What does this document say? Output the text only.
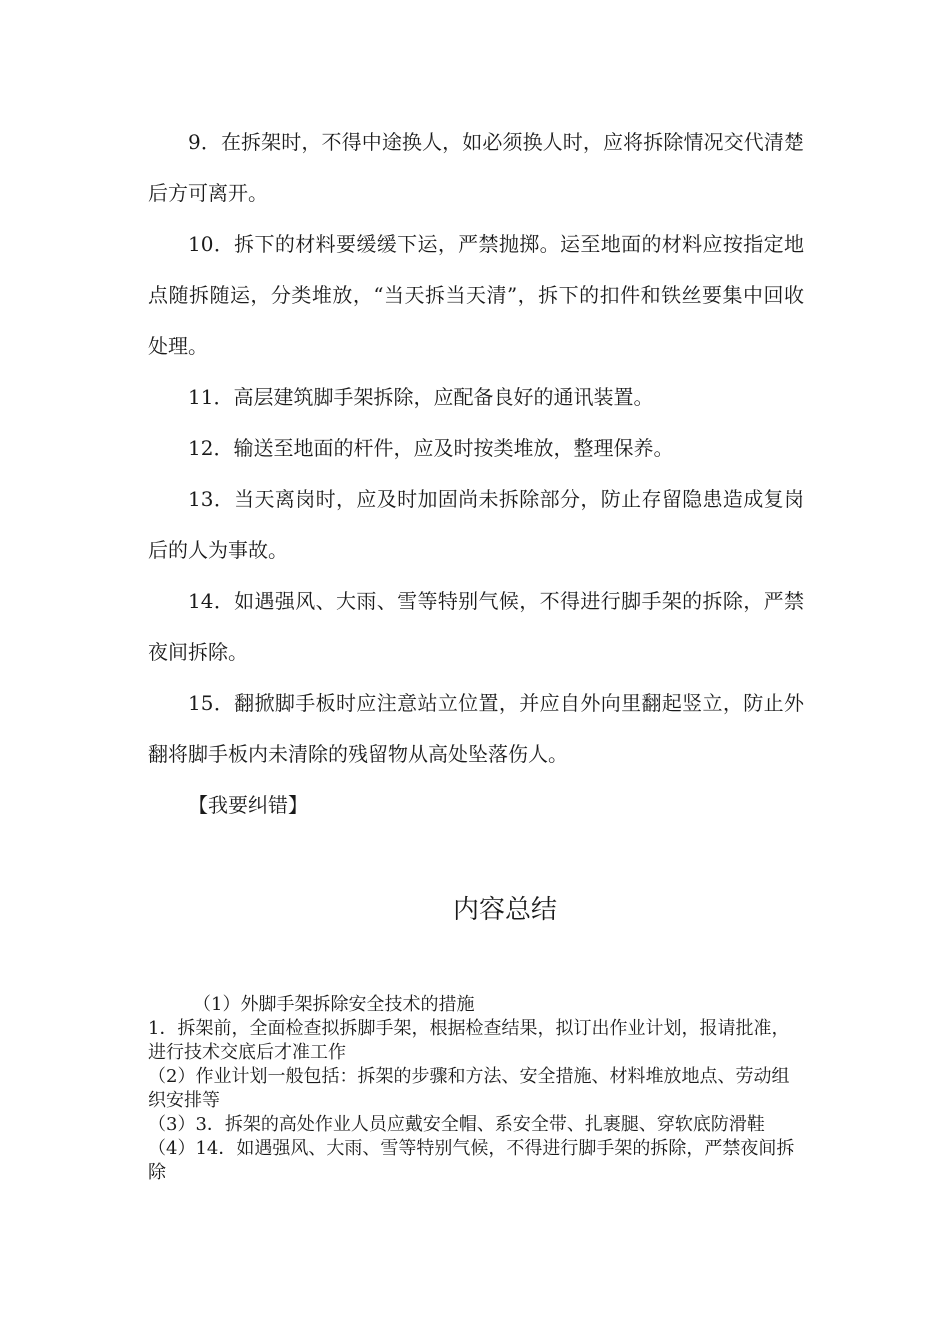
9．在拆架时，不得中途换人，如必须换人时，应将拆除情况交代清楚后方可离开。

10．拆下的材料要缓缓下运，严禁抛掷。运至地面的材料应按指定地点随拆随运，分类堆放，“当天拆当天清”，拆下的扣件和铁丝要集中回收处理。

11．高层建筑脚手架拆除，应配备良好的通讯装置。

12．输送至地面的杆件，应及时按类堆放，整理保养。

13．当天离岗时，应及时加固尚未拆除部分，防止存留隐患造成复岗后的人为事故。

14．如遇强风、大雨、雪等特别气候，不得进行脚手架的拆除，严禁夜间拆除。

15．翻掀脚手板时应注意站立位置，并应自外向里翻起竖立，防止外翻将脚手板内未清除的残留物从高处坠落伤人。

【我要纠错】

内容总结

（1）外脚手架拆除安全技术的措施

1．拆架前，全面检查拟拆脚手架，根据检查结果，拟订出作业计划，报请批准，进行技术交底后才准工作

（2）作业计划一般包括：拆架的步骤和方法、安全措施、材料堆放地点、劳动组织安排等

（3）3．拆架的高处作业人员应戴安全帽、系安全带、扎裹腿、穿软底防滑鞋

（4）14．如遇强风、大雨、雪等特别气候，不得进行脚手架的拆除，严禁夜间拆除
